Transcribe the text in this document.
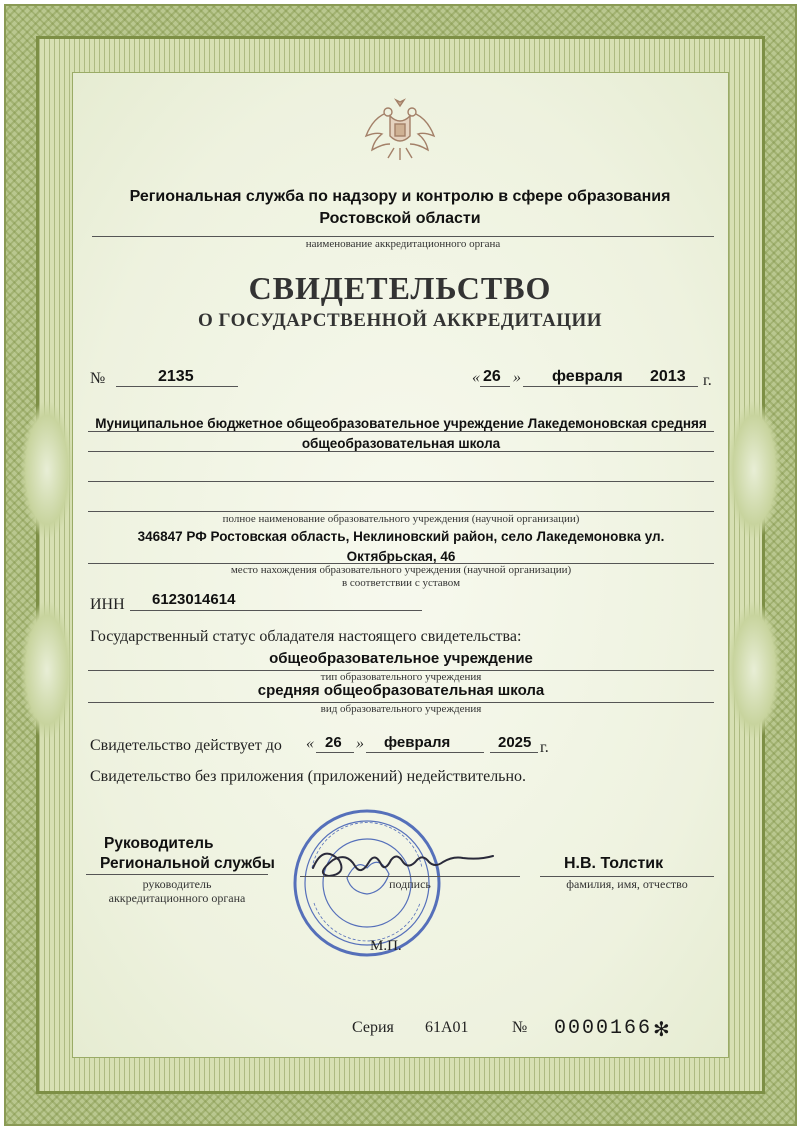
Региональная служба по надзору и контролю в сфере образования
Ростовской области
наименование аккредитационного органа
СВИДЕТЕЛЬСТВО
О ГОСУДАРСТВЕННОЙ АККРЕДИТАЦИИ
№	2135	« 26 » февраля 2013 г.
Муниципальное бюджетное общеобразовательное учреждение Лакедемоновская средняя
общеобразовательная школа
полное наименование образовательного учреждения (научной организации)
346847 РФ Ростовская область, Неклиновский район, село Лакедемоновка ул.
Октябрьская, 46
место нахождения образовательного учреждения (научной организации)
в соответствии с уставом
ИНН 6123014614
Государственный статус обладателя настоящего свидетельства:
общеобразовательное учреждение
тип образовательного учреждения
средняя общеобразовательная школа
вид образовательного учреждения
Свидетельство действует до « 26 » февраля	2025 г.
Свидетельство без приложения (приложений) недействительно.
Руководитель
Региональной службы
руководитель
аккредитационного органа
подпись
Н.В. Толстик
фамилия, имя, отчество
М.П.
Серия 61А01	№ 0000166 ✻
